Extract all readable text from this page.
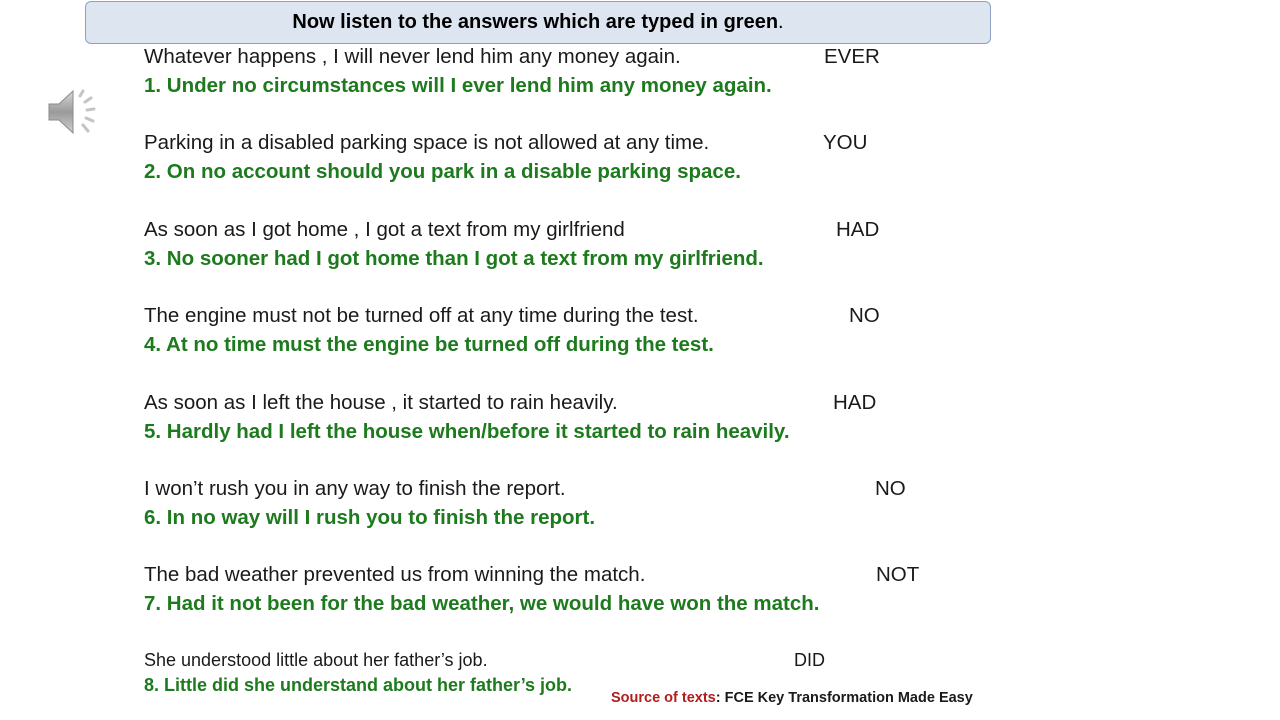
Now listen to the answers which are typed in green .
Whatever happens , I will never lend him any money again.	EVER
1. Under no circumstances will I ever lend him any money again.
Parking in a disabled parking space is not allowed at any time.	YOU
2. On no account should you park in a disable parking space.
As soon as I got home , I got a text from my girlfriend	HAD
3. No sooner had I got home than I got a text from my girlfriend.
The engine must not be turned off at any time during the test.	NO
4. At no time must the engine be turned off during the test.
As soon as I left the house , it started to rain heavily.	HAD
5. Hardly had I left the house when/before it started to rain heavily.
I won’t rush you in any way to finish the report.	NO
6. In no way will I rush you to finish the report.
The bad weather prevented us from winning the match.	NOT
7. Had it not been for the bad weather, we would have won the match.
She understood little about her father’s job.	DID
8. Little did she understand about her father’s job.
Source of texts: FCE Key Transformation Made Easy
